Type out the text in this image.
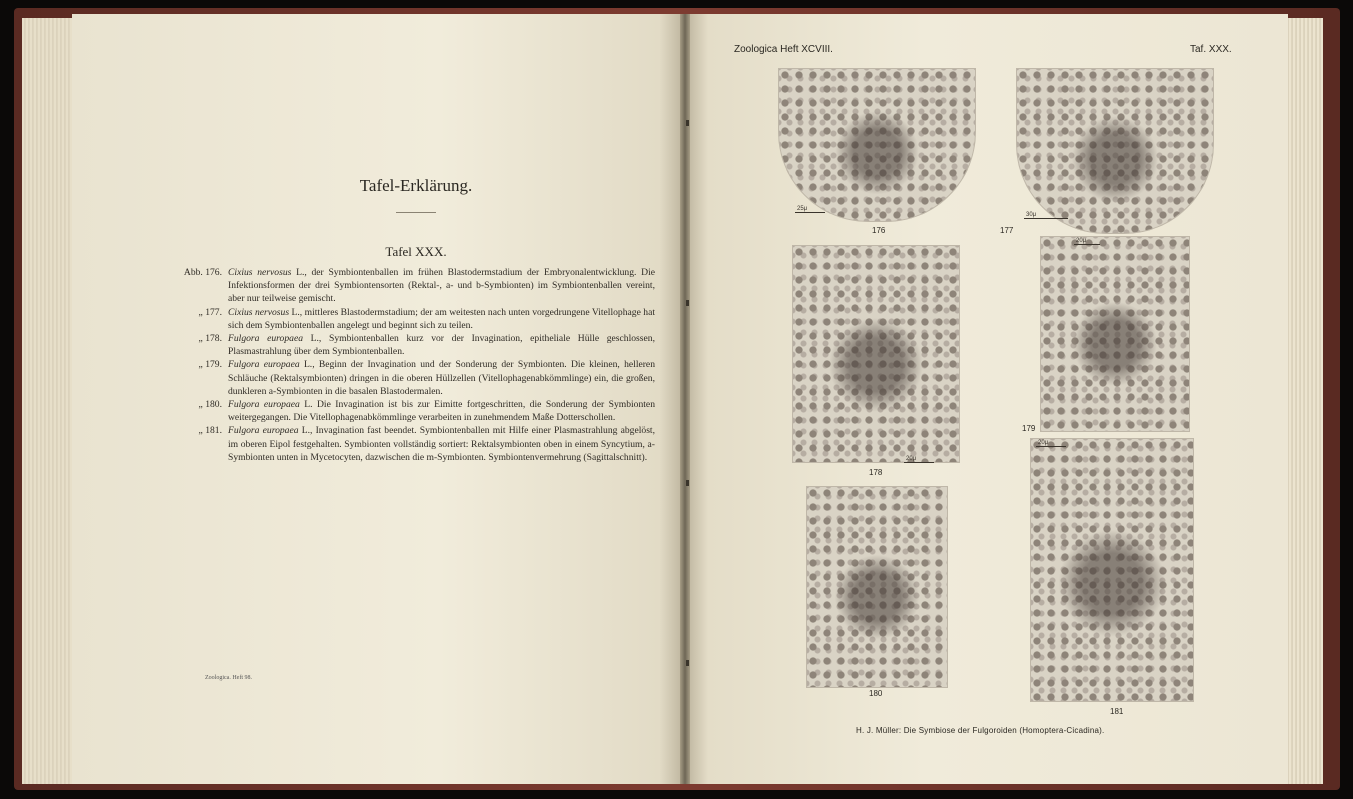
Tafel-Erklärung.
Tafel XXX.
Abb. 176. Cixius nervosus L., der Symbiontenballen im frühen Blastodermstadium der Embryonalentwicklung. Die Infektionsformen der drei Symbiontensorten (Rektal-, a- und b-Symbionten) im Symbiontenballen vereint, aber nur teilweise gemischt.
„ 177. Cixius nervosus L., mittleres Blastodermstadium; der am weitesten nach unten vorgedrungene Vitellophage hat sich dem Symbiontenballen angelegt und beginnt sich zu teilen.
„ 178. Fulgora europaea L., Symbiontenballen kurz vor der Invagination, epitheliale Hülle geschlossen, Plasmastrahlung über dem Symbiontenballen.
„ 179. Fulgora europaea L., Beginn der Invagination und der Sonderung der Symbionten. Die kleinen, helleren Schläuche (Rektalsymbionten) dringen in die oberen Hüllzellen (Vitellophagenabkömmlinge) ein, die großen, dunkleren a-Symbionten in die basalen Blastodermalen.
„ 180. Fulgora europaea L. Die Invagination ist bis zur Eimitte fortgeschritten, die Sonderung der Symbionten weitergegangen. Die Vitellophagenabkömmlinge verarbeiten in zunehmendem Maße Dotterschollen.
„ 181. Fulgora europaea L., Invagination fast beendet. Symbiontenballen mit Hilfe einer Plasmastrahlung abgelöst, im oberen Eipol festgehalten. Symbionten vollständig sortiert: Rektalsymbionten oben in einem Syncytium, a-Symbionten unten in Mycetocyten, dazwischen die m-Symbionten. Symbiontenvermehrung (Sagittalschnitt).
Zoologica. Heft 98.
Zoologica Heft XCVIII.	Taf. XXX.
25μ
176
30μ
177
20μ
178
20μ
179
180
20μ
181
H. J. Müller: Die Symbiose der Fulgoroiden (Homoptera-Cicadina).
